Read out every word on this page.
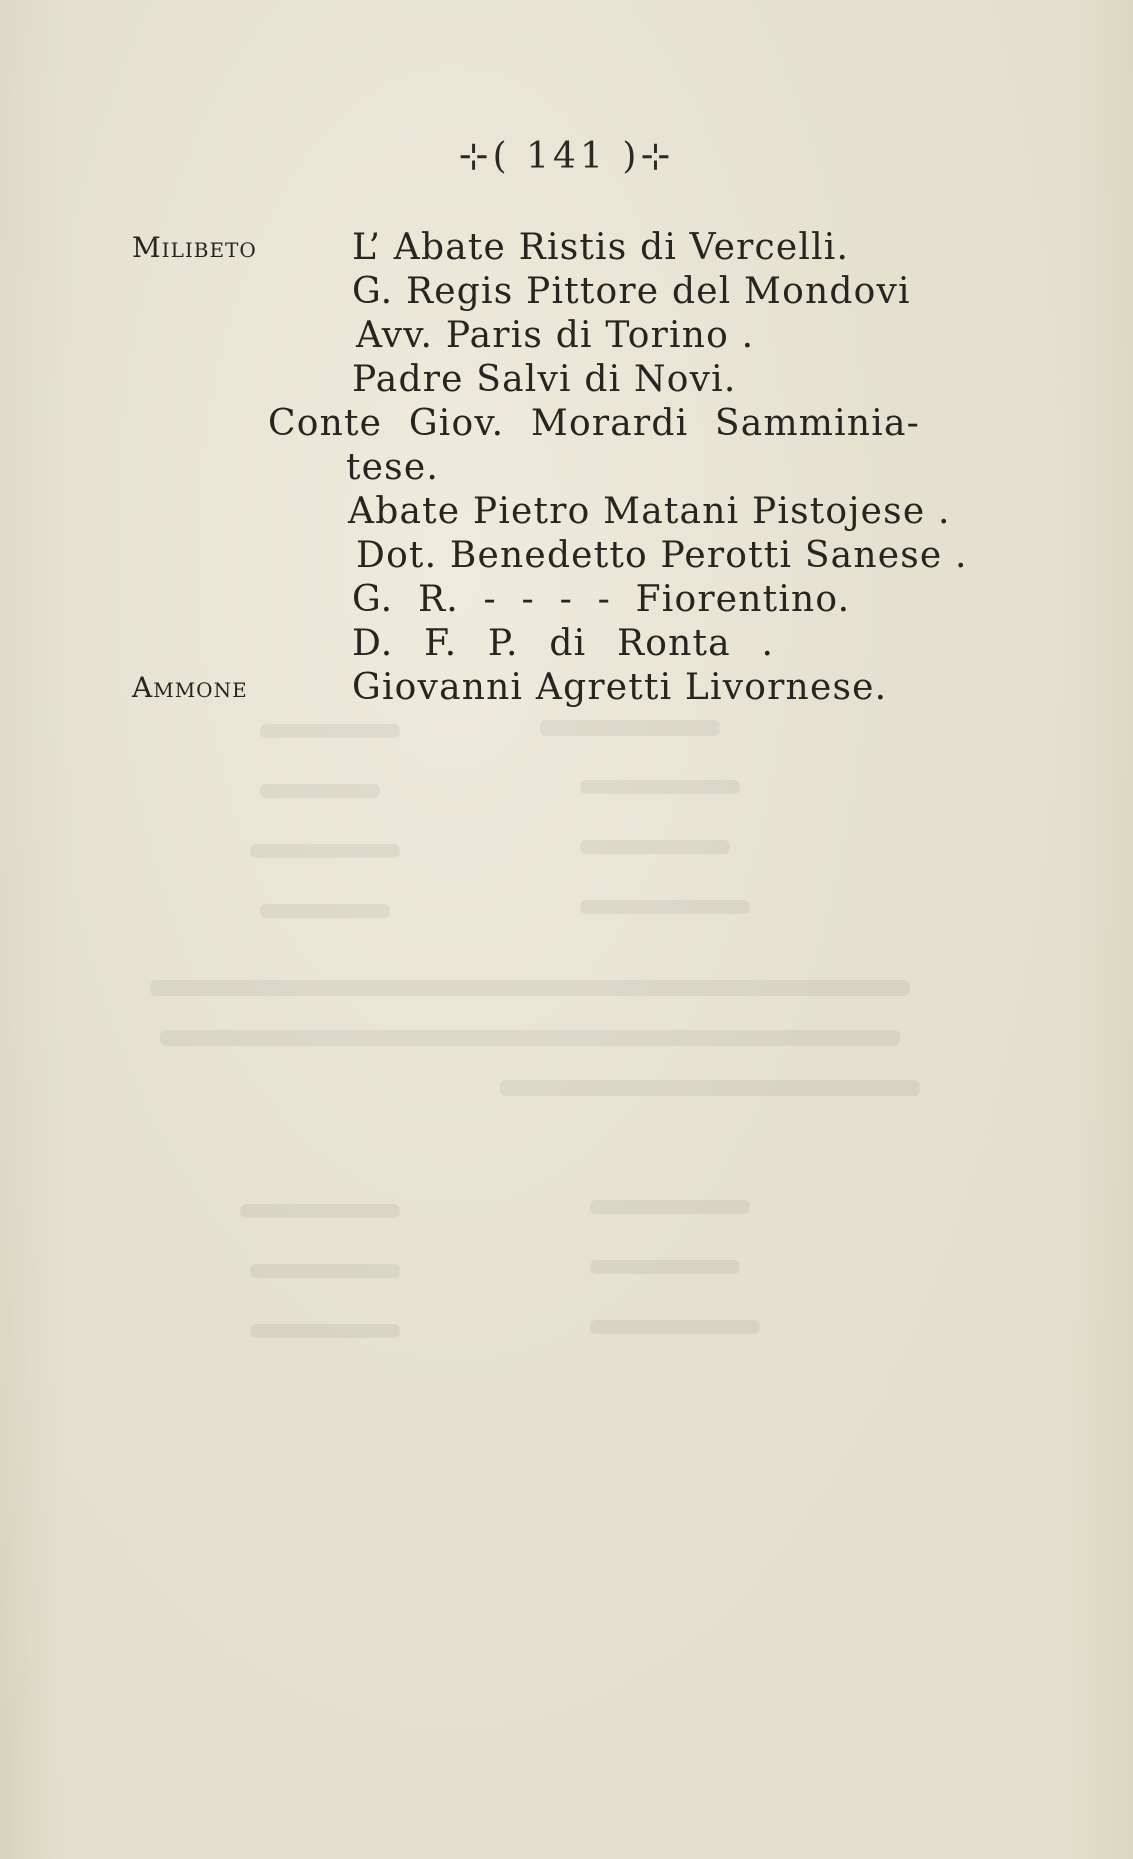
⊹( 141 )⊹
Milibeto	L’ Abate Ristis di Vercelli.
G. Regis Pittore del Mondovi
Avv. Paris di Torino .
Padre Salvi di Novi.
Conte Giov. Morardi Samminia-
tese.
Abate Pietro Matani Pistojese .
Dot. Benedetto Perotti Sanese .
G. R. - - - - Fiorentino.
D. F. P. di Ronta .
Ammone	Giovanni Agretti Livornese.
